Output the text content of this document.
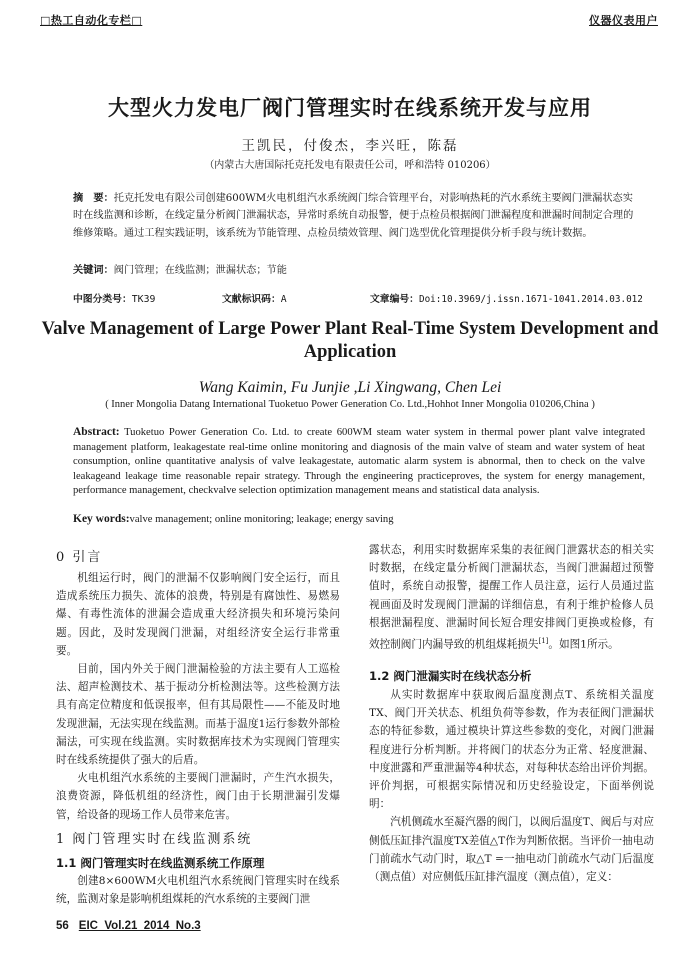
□热工自动化专栏□	仪器仪表用户
大型火力发电厂阀门管理实时在线系统开发与应用
王凯民，付俊杰，李兴旺，陈磊
（内蒙古大唐国际托克托发电有限责任公司，呼和浩特 010206）
摘　要：托克托发电有限公司创建600WM火电机组汽水系统阀门综合管理平台，对影响热耗的汽水系统主要阀门泄漏状态实时在线监测和诊断，在线定量分析阀门泄漏状态，异常时系统自动报警，便于点检员根据阀门泄漏程度和泄漏时间制定合理的维修策略。通过工程实践证明，该系统为节能管理、点检员绩效管理、阀门选型优化管理提供分析手段与统计数据。
关键词：阀门管理；在线监测；泄漏状态；节能
中图分类号：TK39	文献标识码：A	文章编号：Doi:10.3969/j.issn.1671-1041.2014.03.012
Valve Management of Large Power Plant Real-Time System Development and Application
Wang Kaimin, Fu Junjie ,Li Xingwang, Chen Lei
( Inner Mongolia Datang International Tuoketuo Power Generation Co. Ltd.,Hohhot Inner Mongolia 010206,China )
Abstract: Tuoketuo Power Generation Co. Ltd. to create 600WM steam water system in thermal power plant valve integrated management platform, leakagestate real-time online monitoring and diagnosis of the main valve of steam and water system of heat consumption, online quantitative analysis of valve leakagestate, automatic alarm system is abnormal, then to check on the valve leakageand leakage time reasonable repair strategy. Through the engineering practiceproves, the system for energy management, performance management, checkvalve selection optimization management means and statistical data analysis.
Key words:valve management; online monitoring; leakage; energy saving
0 引言

机组运行时，阀门的泄漏不仅影响阀门安全运行，而且造成系统压力损失、流体的浪费，特别是有腐蚀性、易燃易爆、有毒性流体的泄漏会造成重大经济损失和环境污染问题。因此，及时发现阀门泄漏，对组经济安全运行非常重要。

目前，国内外关于阀门泄漏检验的方法主要有人工巡检法、超声检测技术、基于振动分析检测法等。这些检测方法具有高定位精度和低误报率，但有其局限性——不能及时地发现泄漏，无法实现在线监测。而基于温度1运行参数外部检漏法，可实现在线监测。实时数据库技术为实现阀门管理实时在线系统提供了强大的后盾。

火电机组汽水系统的主要阀门泄漏时，产生汽水损失，浪费资源，降低机组的经济性，阀门由于长期泄漏引发爆管，给设备的现场工作人员带来危害。

1 阀门管理实时在线监测系统
1.1 阀门管理实时在线监测系统工作原理

创建8×600WM火电机组汽水系统阀门管理实时在线系统，监测对象是影响机组煤耗的汽水系统的主要阀门泄

露状态，利用实时数据库采集的表征阀门泄露状态的相关实时数据，在线定量分析阀门泄漏状态，当阀门泄漏超过预警值时，系统自动报警，提醒工作人员注意，运行人员通过监视画面及时发现阀门泄漏的详细信息，有利于维护检修人员根据泄漏程度、泄漏时间长短合理安排阀门更换或检修，有效控制阀门内漏导致的机组煤耗损失[1]。如图1所示。

1.2 阀门泄漏实时在线状态分析

从实时数据库中获取阀后温度测点T、系统相关温度TX、阀门开关状态、机组负荷等参数，作为表征阀门泄漏状态的特征参数，通过模块计算这些参数的变化，对阀门泄漏程度进行分析判断。并将阀门的状态分为正常、轻度泄漏、中度泄露和严重泄漏等4种状态，对每种状态给出评价判据。评价判据，可根据实际情况和历史经验设定，下面举例说明：

汽机侧疏水至凝汽器的阀门，以阀后温度T、阀后与对应侧低压缸排汽温度TX差值△T作为判断依据。当评价一抽电动门前疏水气动门时，取△T =一抽电动门前疏水气动门后温度（测点值）对应侧低压缸排汽温度（测点值），定义：

56 EIC  Vol.21  2014  No.3
